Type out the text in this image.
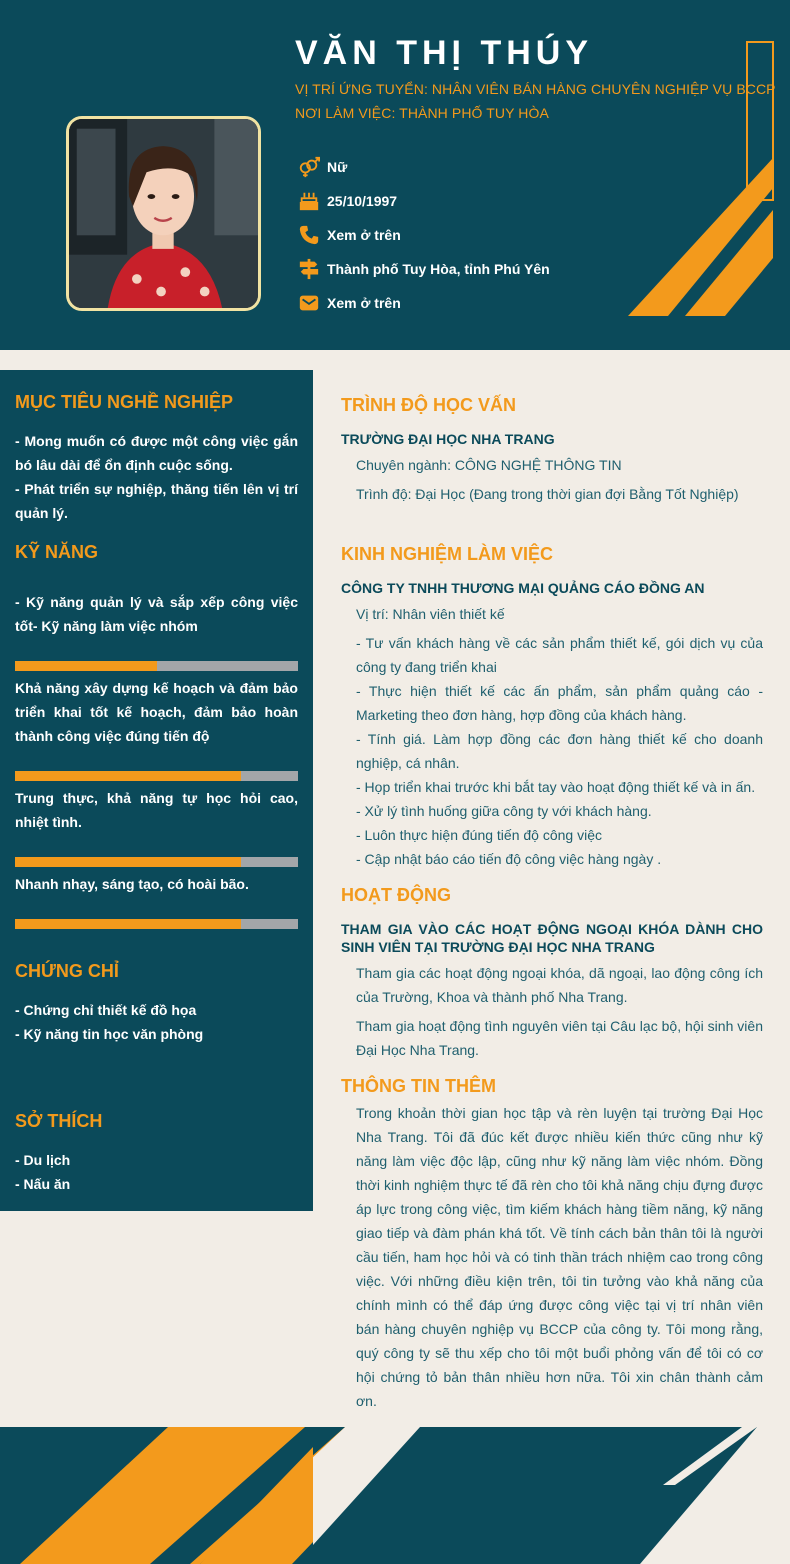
VĂN THỊ THÚY
VỊ TRÍ ỨNG TUYỂN: NHÂN VIÊN BÁN HÀNG CHUYÊN NGHIỆP VỤ BCCP
NƠI LÀM VIỆC: THÀNH PHỐ TUY HÒA
Nữ
25/10/1997
Xem ở trên
Thành phố Tuy Hòa, tỉnh Phú Yên
Xem ở trên
MỤC TIÊU NGHỀ NGHIỆP
- Mong muốn có được một công việc gắn bó lâu dài để ổn định cuộc sống.
- Phát triển sự nghiệp, thăng tiến lên vị trí quản lý.
KỸ NĂNG
- Kỹ năng quản lý và sắp xếp công việc tốt- Kỹ năng làm việc nhóm
Khả năng xây dựng kế hoạch và đảm bảo triển khai tốt kế hoạch, đảm bảo hoàn thành công việc đúng tiến độ
Trung thực, khả năng tự học hỏi cao, nhiệt tình.
Nhanh nhạy, sáng tạo, có hoài bão.
CHỨNG CHỈ
- Chứng chỉ thiết kế đồ họa
- Kỹ năng tin học văn phòng
SỞ THÍCH
- Du lịch
- Nấu ăn
TRÌNH ĐỘ HỌC VẤN
TRƯỜNG ĐẠI HỌC NHA TRANG
Chuyên ngành: CÔNG NGHỆ THÔNG TIN
Trình độ: Đại Học (Đang trong thời gian đợi Bằng Tốt Nghiệp)
KINH NGHIỆM LÀM VIỆC
CÔNG TY TNHH THƯƠNG MẠI QUẢNG CÁO ĐỒNG AN
Vị trí: Nhân viên thiết kế
- Tư vấn khách hàng về các sản phẩm thiết kế, gói dịch vụ của công ty đang triển khai
- Thực hiện thiết kế các ấn phẩm, sản phẩm quảng cáo - Marketing theo đơn hàng, hợp đồng của khách hàng.
- Tính giá. Làm hợp đồng các đơn hàng thiết kế cho doanh nghiệp, cá nhân.
- Họp triển khai trước khi bắt tay vào hoạt động thiết kế và in ấn.
- Xử lý tình huống giữa công ty với khách hàng.
- Luôn thực hiện đúng tiến độ công việc
- Cập nhật báo cáo tiến độ công việc hàng ngày .
HOẠT ĐỘNG
THAM GIA VÀO CÁC HOẠT ĐỘNG NGOẠI KHÓA DÀNH CHO SINH VIÊN TẠI TRƯỜNG ĐẠI HỌC NHA TRANG
Tham gia các hoạt động ngoại khóa, dã ngoại, lao động công ích của Trường, Khoa và thành phố Nha Trang.
Tham gia hoạt động tình nguyên viên tại Câu lạc bộ, hội sinh viên Đại Học Nha Trang.
THÔNG TIN THÊM
Trong khoản thời gian học tập và rèn luyện tại trường Đại Học Nha Trang. Tôi đã đúc kết được nhiều kiến thức cũng như kỹ năng làm việc độc lập, cũng như kỹ năng làm việc nhóm. Đồng thời kinh nghiệm thực tế đã rèn cho tôi khả năng chịu đựng được áp lực trong công việc, tìm kiếm khách hàng tiềm năng, kỹ năng giao tiếp và đàm phán khá tốt. Về tính cách bản thân tôi là người cầu tiến, ham học hỏi và có tinh thần trách nhiệm cao trong công việc. Với những điều kiện trên, tôi tin tưởng vào khả năng của chính mình có thể đáp ứng được công việc tại vị trí nhân viên bán hàng chuyên nghiệp vụ BCCP của công ty. Tôi mong rằng, quý công ty sẽ thu xếp cho tôi một buổi phỏng vấn để tôi có cơ hội chứng tỏ bản thân nhiều hơn nữa. Tôi xin chân thành cảm ơn.
